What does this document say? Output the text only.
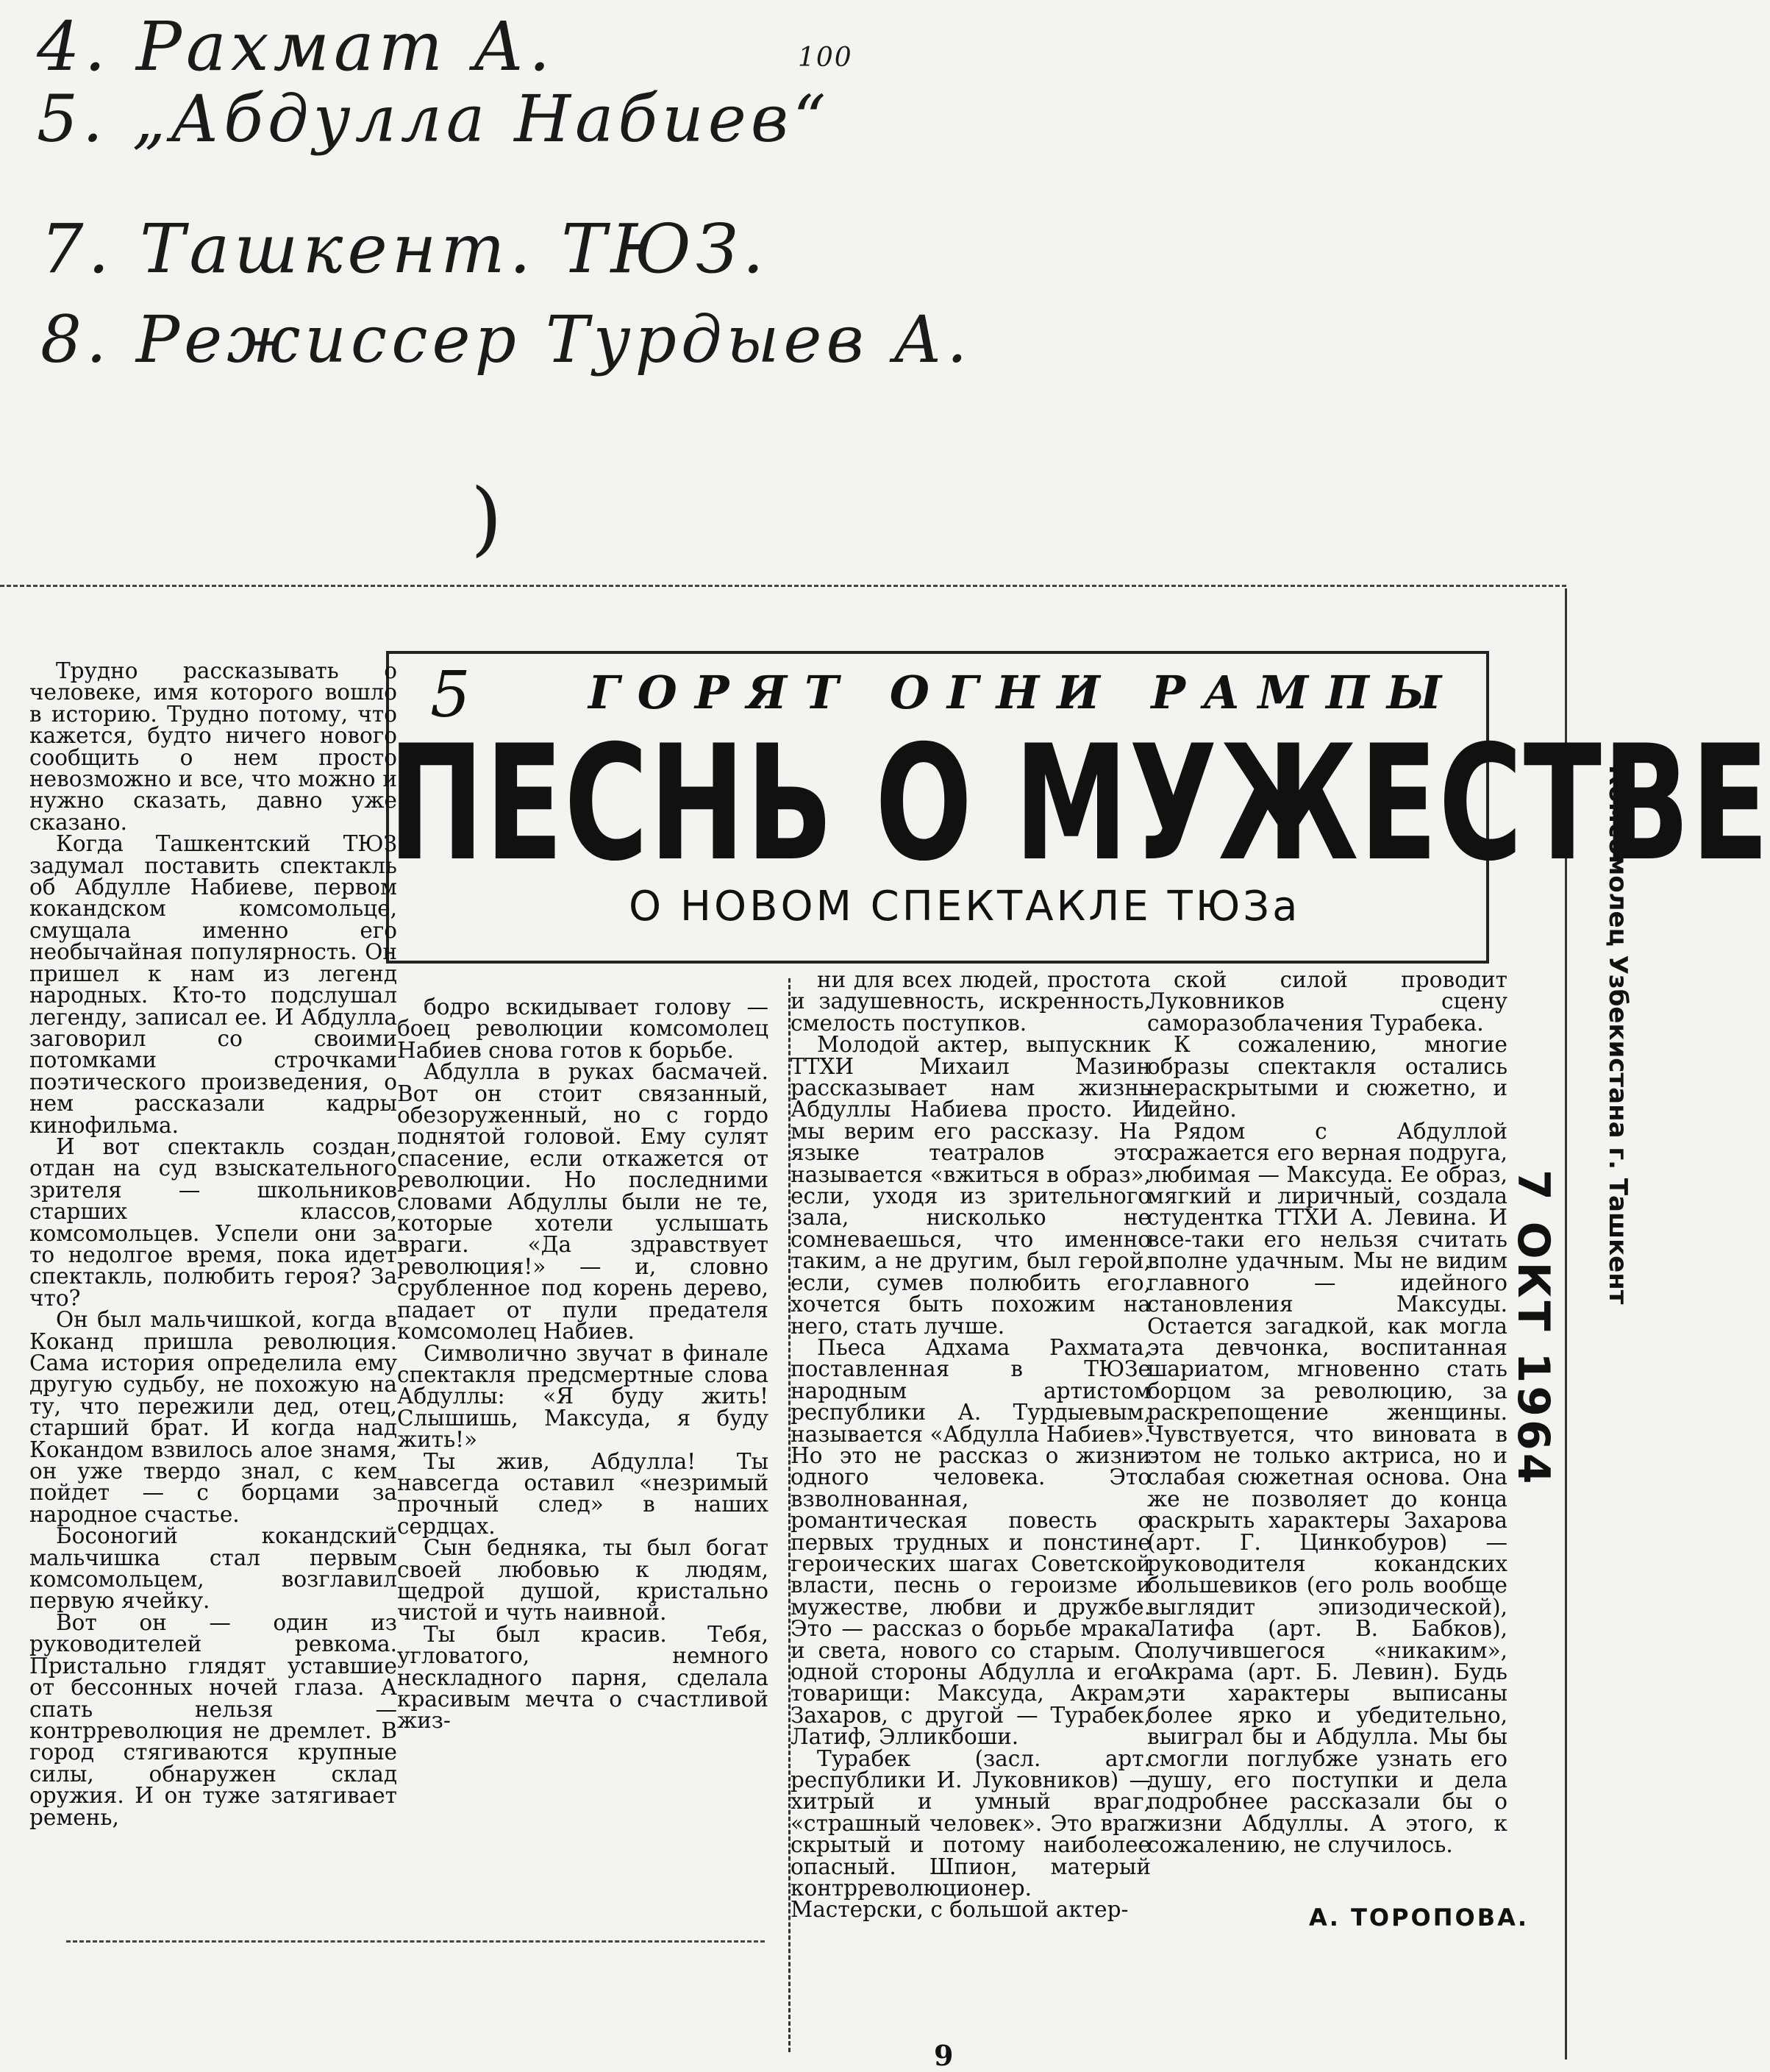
4. Рахмат А.
5. „Абдулла Набиев“
7. Ташкент. ТЮЗ.
8. Режиссер Турдыев А.
100
)
5	ГОРЯТ ОГНИ РАМПЫ
ПЕСНЬ О МУЖЕСТВЕ
О НОВОМ СПЕКТАКЛЕ ТЮЗа	Комсомолец Узбекистана г. Ташкент
7 ОКТ 1964

Трудно рассказывать о человеке, имя которого вошло в историю. Трудно потому, что кажется, будто ничего нового сообщить о нем просто невозможно и все, что можно и нужно сказать, давно уже сказано.

Когда Ташкентский ТЮЗ задумал поставить спектакль об Абдулле Набиеве, первом кокандском комсомольце, смущала именно его необычайная популярность. Он пришел к нам из легенд народных. Кто-то подслушал легенду, записал ее. И Абдулла заговорил со своими потомками строчками поэтического произведения, о нем рассказали кадры кинофильма.

И вот спектакль создан, отдан на суд взыскательного зрителя — школьников старших классов, комсомольцев. Успели они за то недолгое время, пока идет спектакль, полюбить героя? За что?

Он был мальчишкой, когда в Коканд пришла революция. Сама история определила ему другую судьбу, не похожую на ту, что пережили дед, отец, старший брат. И когда над Кокандом взвилось алое знамя, он уже твердо знал, с кем пойдет — с борцами за народное счастье.

Босоногий кокандский мальчишка стал первым комсомольцем, возглавил первую ячейку.

Вот он — один из руководителей ревкома. Пристально глядят уставшие от бессонных ночей глаза. А спать нельзя — контрреволюция не дремлет. В город стягиваются крупные силы, обнаружен склад оружия. И он туже затягивает ремень,

бодро вскидывает голову — боец революции комсомолец Набиев снова готов к борьбе.

Абдулла в руках басмачей. Вот он стоит связанный, обезоруженный, но с гордо поднятой головой. Ему сулят спасение, если откажется от революции. Но последними словами Абдуллы были не те, которые хотели услышать враги. «Да здравствует революция!» — и, словно срубленное под корень дерево, падает от пули предателя комсомолец Набиев.

Символично звучат в финале спектакля предсмертные слова Абдуллы: «Я буду жить! Слышишь, Максуда, я буду жить!»

Ты жив, Абдулла! Ты навсегда оставил «незримый прочный след» в наших сердцах.

Сын бедняка, ты был богат своей любовью к людям, щедрой душой, кристально чистой и чуть наивной.

Ты был красив. Тебя, угловатого, немного нескладного парня, сделала красивым мечта о счастливой жиз-

ни для всех людей, простота и задушевность, искренность, смелость поступков.

Молодой актер, выпускник ТТХИ Михаил Мазин рассказывает нам жизнь Абдуллы Набиева просто. И мы верим его рассказу. На языке театралов это называется «вжиться в образ», если, уходя из зрительного зала, нисколько не сомневаешься, что именно таким, а не другим, был герой, если, сумев полюбить его, хочется быть похожим на него, стать лучше.

Пьеса Адхама Рахмата, поставленная в ТЮЗе народным артистом республики А. Турдыевым, называется «Абдулла Набиев». Но это не рассказ о жизни одного человека. Это взволнованная, романтическая повесть о первых трудных и понстине героических шагах Советской власти, песнь о героизме и мужестве, любви и дружбе. Это — рассказ о борьбе мрака и света, нового со старым. С одной стороны Абдулла и его товарищи: Максуда, Акрам, Захаров, с другой — Турабек, Латиф, Элликбоши.

Турабек (засл. арт. республики И. Луковников) — хитрый и умный враг, «страшный человек». Это враг скрытый и потому наиболее опасный. Шпион, матерый контрреволюционер. Мастерски, с большой актер-

ской силой проводит Луковников сцену саморазоблачения Турабека.

К сожалению, многие образы спектакля остались нераскрытыми и сюжетно, и идейно.

Рядом с Абдуллой сражается его верная подруга, любимая — Максуда. Ее образ, мягкий и лиричный, создала студентка ТТХИ А. Левина. И все-таки его нельзя считать вполне удачным. Мы не видим главного — идейного становления Максуды. Остается загадкой, как могла эта девчонка, воспитанная шариатом, мгновенно стать борцом за революцию, за раскрепощение женщины. Чувствуется, что виновата в этом не только актриса, но и слабая сюжетная основа. Она же не позволяет до конца раскрыть характеры Захарова (арт. Г. Цинкобуров) — руководителя кокандских большевиков (его роль вообще выглядит эпизодической), Латифа (арт. В. Бабков), получившегося «никаким», Акрама (арт. Б. Левин). Будь эти характеры выписаны более ярко и убедительно, выиграл бы и Абдулла. Мы бы смогли поглубже узнать его душу, его поступки и дела подробнее рассказали бы о жизни Абдуллы. А этого, к сожалению, не случилось.

А. ТОРОПОВА.
9
